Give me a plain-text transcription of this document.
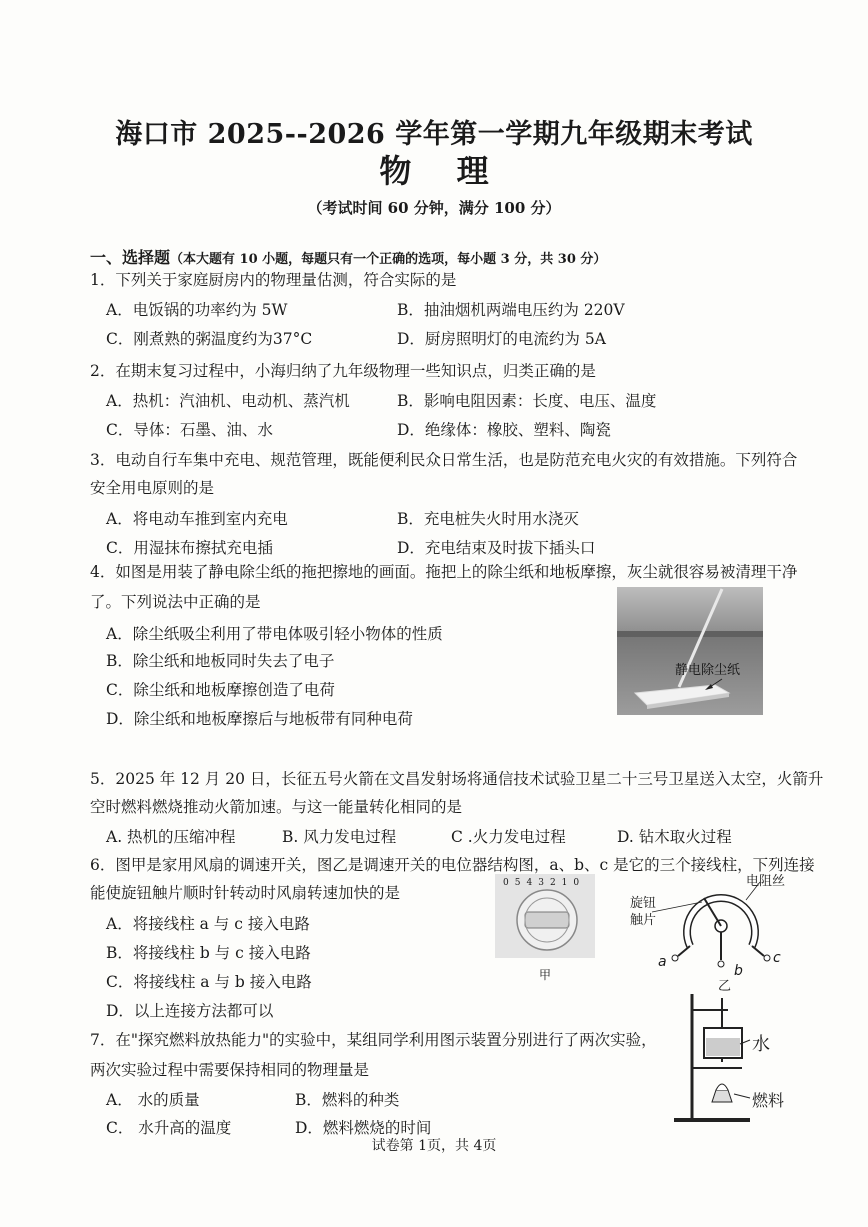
海口市 2025--2026 学年第一学期九年级期末考试
物 理
（考试时间 60 分钟，满分 100 分）
一、选择题（本大题有 10 小题，每题只有一个正确的选项，每小题 3 分，共 30 分）
1．下列关于家庭厨房内的物理量估测，符合实际的是
A．电饭锅的功率约为 5W	B．抽油烟机两端电压约为 220V
C．刚煮熟的粥温度约为37°C	D．厨房照明灯的电流约为 5A
2．在期末复习过程中，小海归纳了九年级物理一些知识点，归类正确的是
A．热机：汽油机、电动机、蒸汽机	B．影响电阻因素：长度、电压、温度
C．导体：石墨、油、水	D．绝缘体：橡胶、塑料、陶瓷
3．电动自行车集中充电、规范管理，既能便利民众日常生活，也是防范充电火灾的有效措施。下列符合
安全用电原则的是
A．将电动车推到室内充电	B．充电桩失火时用水浇灭
C．用湿抹布擦拭充电插	D．充电结束及时拔下插头口
4．如图是用装了静电除尘纸的拖把擦地的画面。拖把上的除尘纸和地板摩擦，灰尘就很容易被清理干净
了。下列说法中正确的是
A．除尘纸吸尘利用了带电体吸引轻小物体的性质
B．除尘纸和地板同时失去了电子
C．除尘纸和地板摩擦创造了电荷
D．除尘纸和地板摩擦后与地板带有同种电荷
静电除尘纸
5．2025 年 12 月 20 日，长征五号火箭在文昌发射场将通信技术试验卫星二十三号卫星送入太空，火箭升
空时燃料燃烧推动火箭加速。与这一能量转化相同的是
A. 热机的压缩冲程	B. 风力发电过程	C .火力发电过程	D. 钻木取火过程
6．图甲是家用风扇的调速开关，图乙是调速开关的电位器结构图，a、b、c 是它的三个接线柱，下列连接
能使旋钮触片顺时针转动时风扇转速加快的是
A．将接线柱 a 与 c 接入电路
B．将接线柱 b 与 c 接入电路
C．将接线柱 a 与 b 接入电路
D．以上连接方法都可以
0543210
甲
旋钮
触片
电阻丝
a
b
c
乙
7．在"探究燃料放热能力"的实验中，某组同学利用图示装置分别进行了两次实验，
两次实验过程中需要保持相同的物理量是
A． 水的质量	B．燃料的种类
C． 水升高的温度	D．燃料燃烧的时间
水
燃料
试卷第 1页，共 4页
